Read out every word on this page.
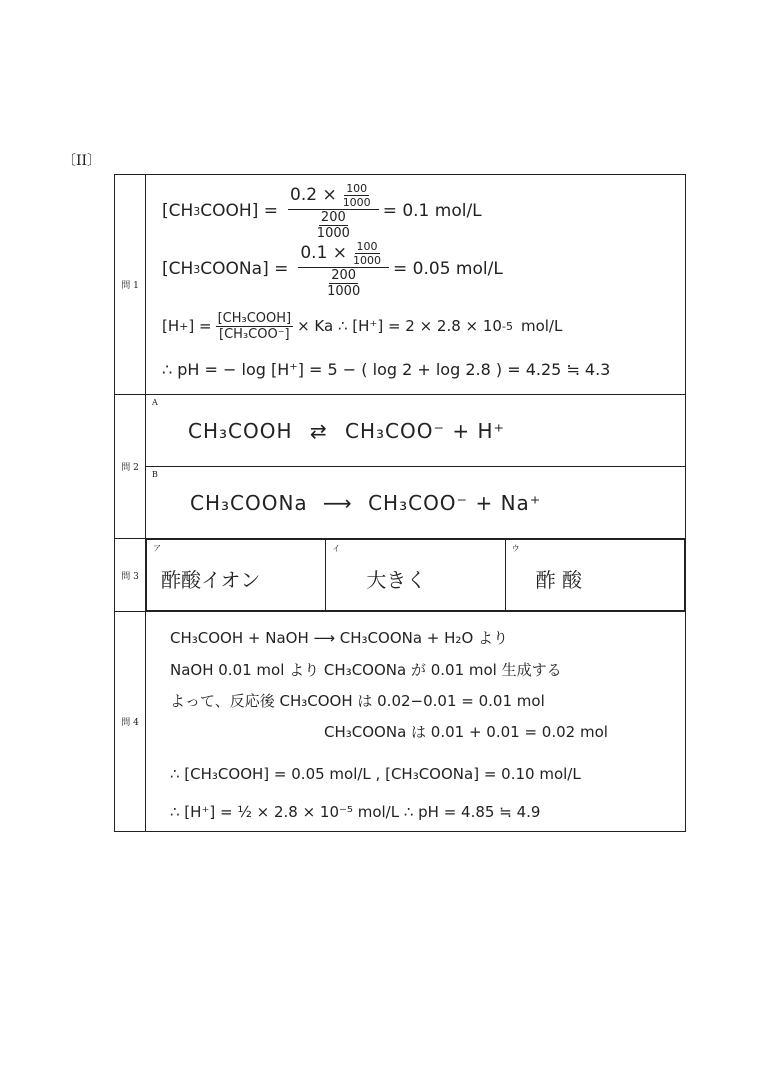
〔II〕
問 1	
[CH 3 COOH] =
$0.2 \times \frac{100}{1000}$
$\frac{200}{1000} = 0.1$ mol/L
[CH 3 COONa] =
$0.1 \times \frac{100}{1000}$
$\frac{200}{1000} = 0.05$ mol/L
[H + ] = $\frac{\text{[CH₃COOH]}}{\text{[CH₃COO⁻]}} \times Ka$ ∴ [H⁺] = 2 × 2.8 × 10 -5 mol/L
∴ pH = − log [H⁺] = 5 − ( log 2 + log 2.8 ) = 4.25 ≒ 4.3

問 2	
A
CH₃COOH ⇄ CH₃COO⁻ + H⁺

B
CH₃COONa ⟶ CH₃COO⁻ + Na⁺

問 3	
ア
酢酸イオン

イ
大きく

ウ
酢 酸

問 4	
CH₃COOH + NaOH ⟶ CH₃COONa + H₂O より
NaOH 0.01 mol より CH₃COONa が 0.01 mol 生成する
よって、反応後 CH₃COOH は 0.02−0.01 = 0.01 mol
CH₃COONa は 0.01 + 0.01 = 0.02 mol
∴ [CH₃COOH] = 0.05 mol/L , [CH₃COONa] = 0.10 mol/L
∴ [H⁺] = ½ × 2.8 × 10⁻⁵ mol/L ∴ pH = 4.85 ≒ 4.9
